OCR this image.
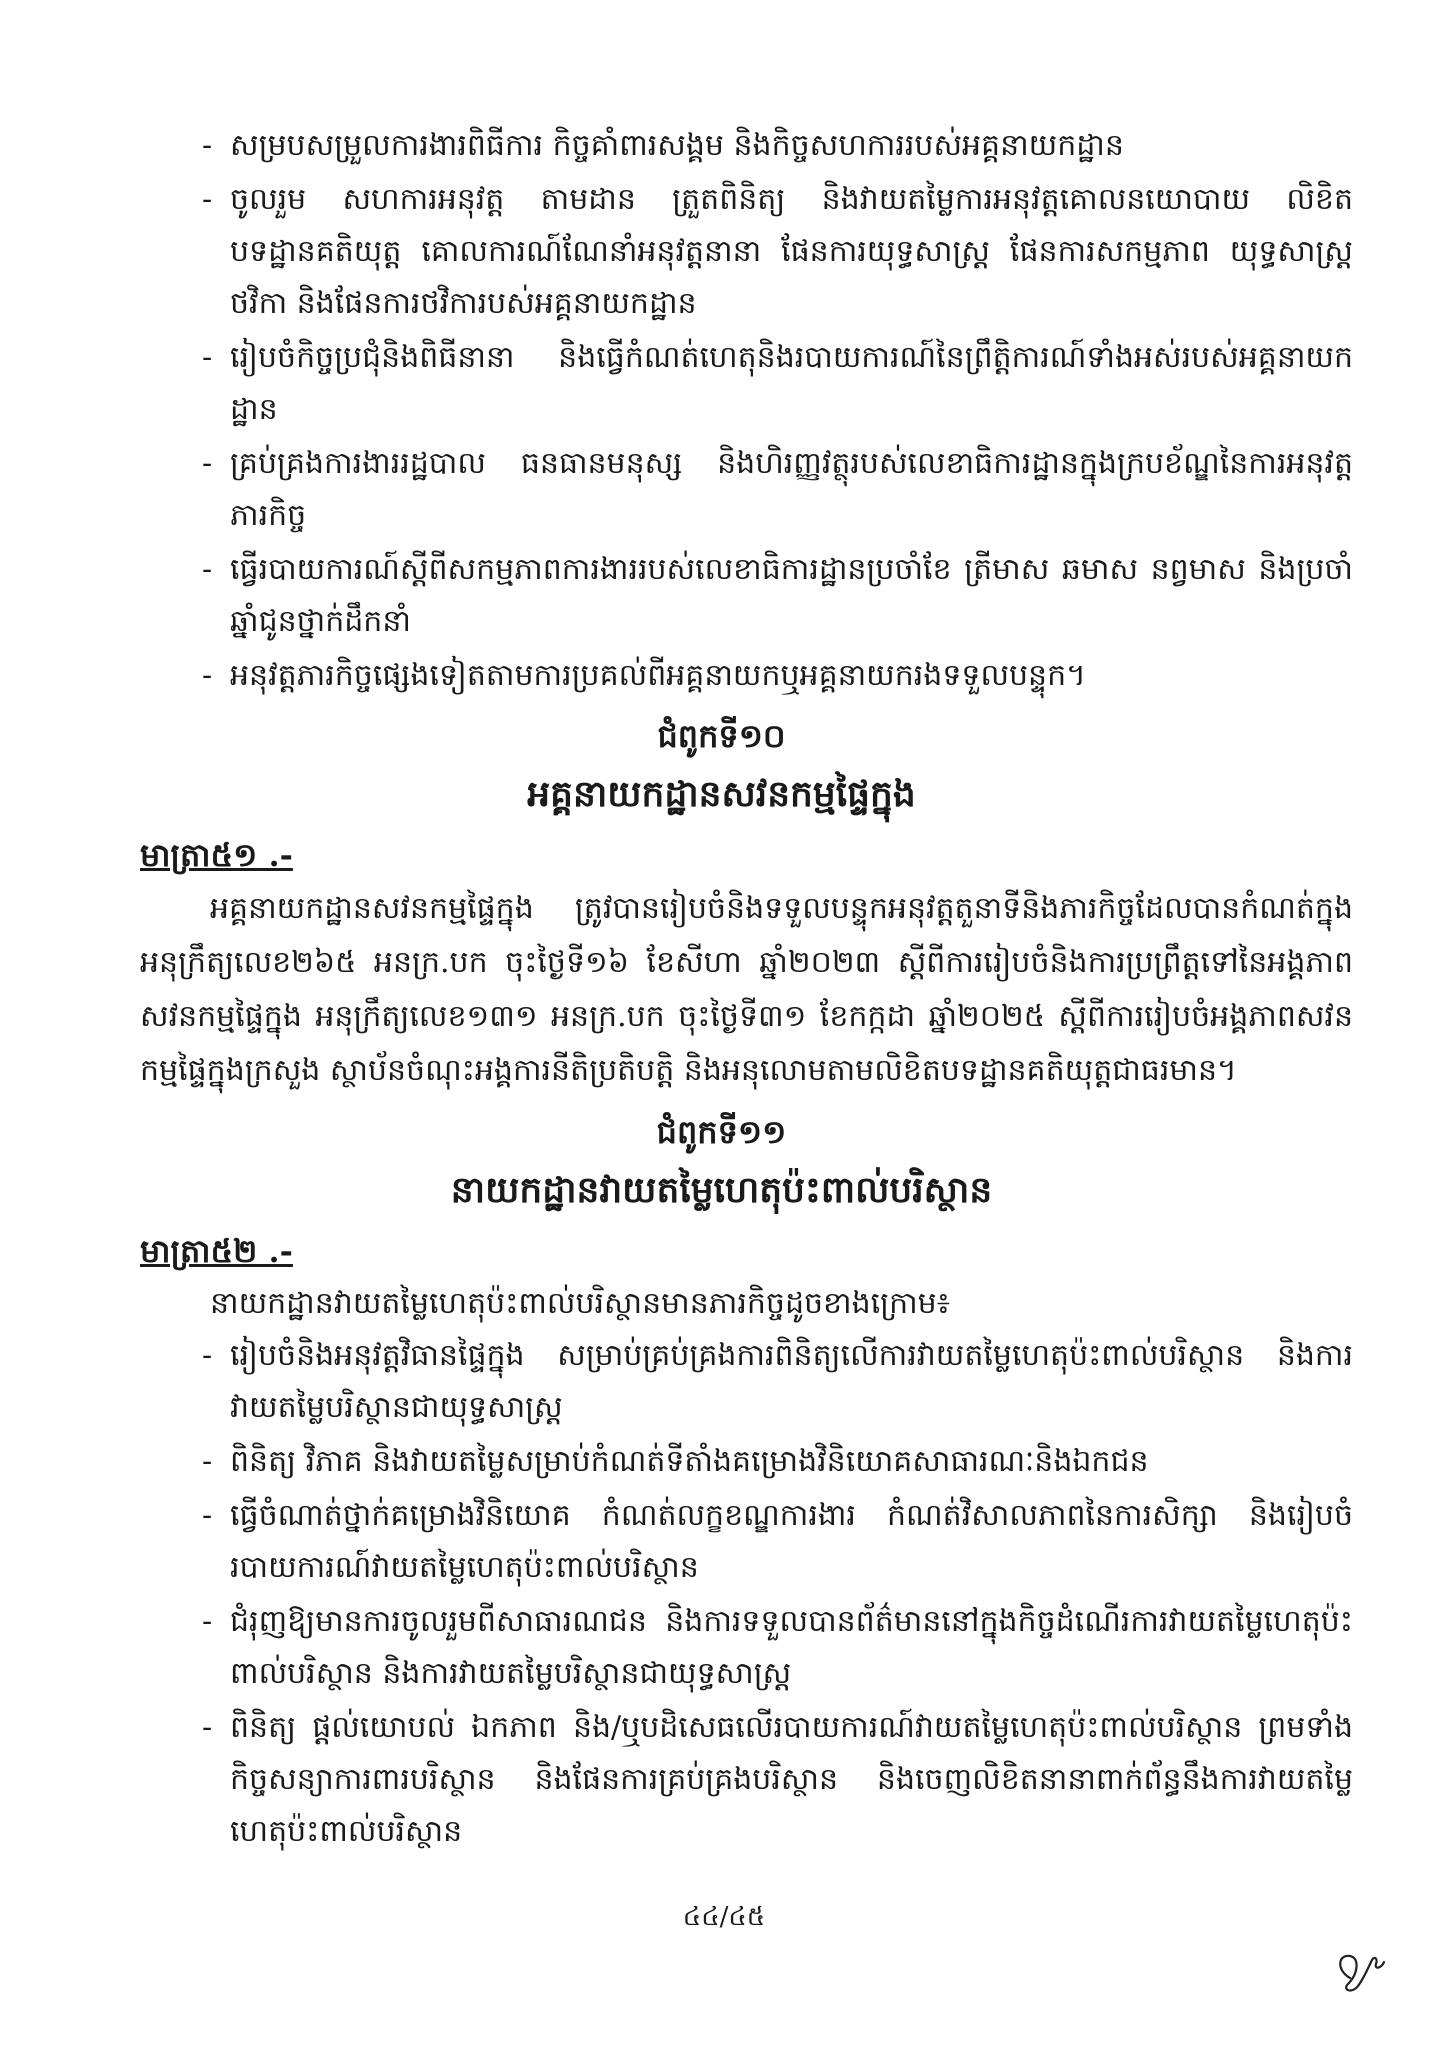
- សម្របសម្រួលការងារពិធីការ កិច្ចគាំពារសង្គម និងកិច្ចសហការរបស់អគ្គនាយកដ្ឋាន
- ចូលរួម សហការអនុវត្ត តាមដាន ត្រួតពិនិត្យ និងវាយតម្លៃការអនុវត្តគោលនយោបាយ លិខិតបទដ្ឋានគតិយុត្ត គោលការណ៍ណែនាំអនុវត្តនានា ផែនការយុទ្ធសាស្ត្រ ផែនការសកម្មភាព យុទ្ធសាស្ត្រថវិកា និងផែនការថវិការបស់អគ្គនាយកដ្ឋាន
- រៀបចំកិច្ចប្រជុំនិងពិធីនានា និងធ្វើកំណត់ហេតុនិងរបាយការណ៍នៃព្រឹត្តិការណ៍ទាំងអស់របស់អគ្គនាយកដ្ឋាន
- គ្រប់គ្រងការងាររដ្ឋបាល ធនធានមនុស្ស និងហិរញ្ញវត្ថុរបស់លេខាធិការដ្ឋានក្នុងក្របខ័ណ្ឌនៃការអនុវត្តភារកិច្ច
- ធ្វើរបាយការណ៍ស្តីពីសកម្មភាពការងាររបស់លេខាធិការដ្ឋានប្រចាំខែ ត្រីមាស ឆមាស នព្វមាស និងប្រចាំឆ្នាំជូនថ្នាក់ដឹកនាំ
- អនុវត្តភារកិច្ចផ្សេងទៀតតាមការប្រគល់ពីអគ្គនាយកឬអគ្គនាយករងទទួលបន្ទុក។
ជំពូកទី១០
អគ្គនាយកដ្ឋានសវនកម្មផ្ទៃក្នុង
មាត្រា៥១ .-

អគ្គនាយកដ្ឋានសវនកម្មផ្ទៃក្នុង ត្រូវបានរៀបចំនិងទទួលបន្ទុកអនុវត្តតួនាទីនិងភារកិច្ចដែលបានកំណត់ក្នុងអនុក្រឹត្យលេខ២៦៥ អនក្រ.បក ចុះថ្ងៃទី១៦ ខែសីហា ឆ្នាំ២០២៣ ស្តីពីការរៀបចំនិងការប្រព្រឹត្តទៅនៃអង្គភាពសវនកម្មផ្ទៃក្នុង អនុក្រឹត្យលេខ១៣១ អនក្រ.បក ចុះថ្ងៃទី៣១ ខែកក្កដា ឆ្នាំ២០២៥ ស្តីពីការរៀបចំអង្គភាពសវនកម្មផ្ទៃក្នុងក្រសួង ស្ថាប័នចំណុះអង្គការនីតិប្រតិបត្តិ និងអនុលោមតាមលិខិតបទដ្ឋានគតិយុត្តជាធរមាន។

ជំពូកទី១១
នាយកដ្ឋានវាយតម្លៃហេតុប៉ះពាល់បរិស្ថាន
មាត្រា៥២ .-

នាយកដ្ឋានវាយតម្លៃហេតុប៉ះពាល់បរិស្ថានមានភារកិច្ចដូចខាងក្រោម៖

- រៀបចំនិងអនុវត្តវិធានផ្ទៃក្នុង សម្រាប់គ្រប់គ្រងការពិនិត្យលើការវាយតម្លៃហេតុប៉ះពាល់បរិស្ថាន និងការវាយតម្លៃបរិស្ថានជាយុទ្ធសាស្ត្រ
- ពិនិត្យ វិភាគ និងវាយតម្លៃសម្រាប់កំណត់ទីតាំងគម្រោងវិនិយោគសាធារណៈនិងឯកជន
- ធ្វើចំណាត់ថ្នាក់គម្រោងវិនិយោគ កំណត់លក្ខខណ្ឌការងារ កំណត់វិសាលភាពនៃការសិក្សា និងរៀបចំរបាយការណ៍វាយតម្លៃហេតុប៉ះពាល់បរិស្ថាន
- ជំរុញឱ្យមានការចូលរួមពីសាធារណជន និងការទទួលបានព័ត៌មាននៅក្នុងកិច្ចដំណើរការវាយតម្លៃហេតុប៉ះពាល់បរិស្ថាន និងការវាយតម្លៃបរិស្ថានជាយុទ្ធសាស្ត្រ
- ពិនិត្យ ផ្តល់យោបល់ ឯកភាព និង/ឬបដិសេធលើរបាយការណ៍វាយតម្លៃហេតុប៉ះពាល់បរិស្ថាន ព្រមទាំងកិច្ចសន្យាការពារបរិស្ថាន និងផែនការគ្រប់គ្រងបរិស្ថាន និងចេញលិខិតនានាពាក់ព័ន្ធនឹងការវាយតម្លៃហេតុប៉ះពាល់បរិស្ថាន
៤៤/៤៥
